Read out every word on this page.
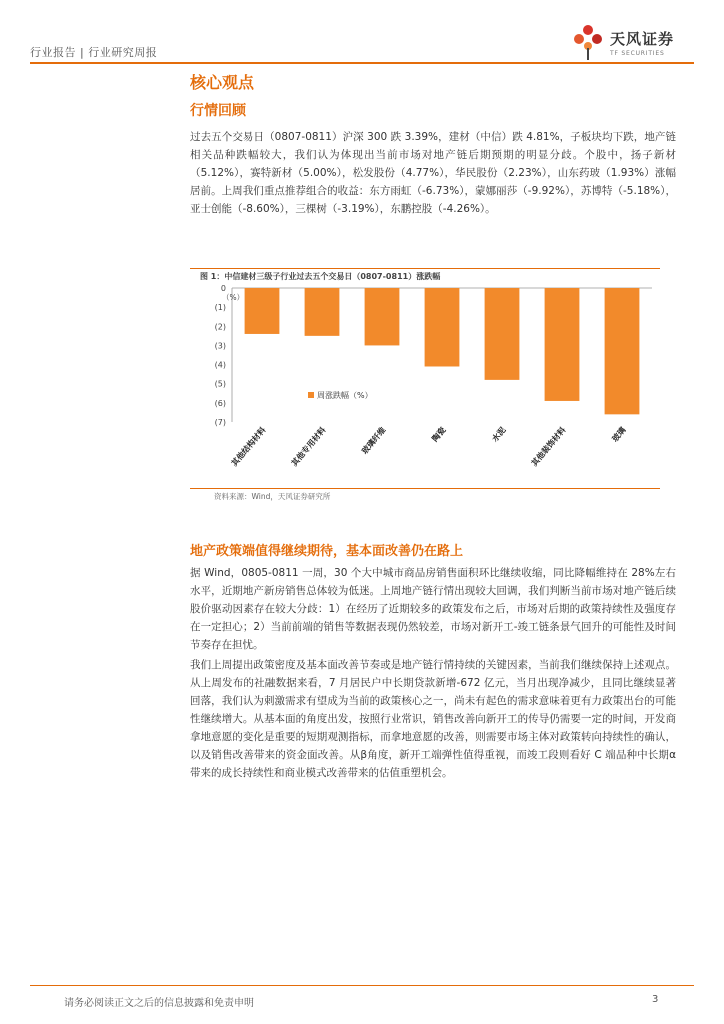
行业报告 | 行业研究周报
天风证券
TF SECURITIES
核心观点
行情回顾

过去五个交易日（0807-0811）沪深 300 跌 3.39%，建材（中信）跌 4.81%，子板块均下跌，地产链相关品种跌幅较大，我们认为体现出当前市场对地产链后期预期的明显分歧。个股中，扬子新材（5.12%），赛特新材（5.00%），松发股份（4.77%），华民股份（2.23%），山东药玻（1.93%）涨幅居前。上周我们重点推荐组合的收益：东方雨虹（-6.73%），蒙娜丽莎（-9.92%），苏博特（-5.18%），亚士创能（-8.60%），三棵树（-3.19%），东鹏控股（-4.26%）。

图 1：中信建材三级子行业过去五个交易日（0807-0811）涨跌幅
0
(1)
(2)
(3)
(4)
(5)
(6)
(7)
（%）
其他结构材料	其他专用材料	玻璃纤维	陶瓷	水泥	其他装饰材料	玻璃
周涨跌幅（%）
资料来源：Wind，天风证券研究所
地产政策端值得继续期待，基本面改善仍在路上

据 Wind，0805-0811 一周，30 个大中城市商品房销售面积环比继续收缩，同比降幅维持在 28%左右水平，近期地产新房销售总体较为低迷。上周地产链行情出现较大回调，我们判断当前市场对地产链后续股价驱动因素存在较大分歧：1）在经历了近期较多的政策发布之后，市场对后期的政策持续性及强度存在一定担心；2）当前前端的销售等数据表现仍然较差，市场对新开工-竣工链条景气回升的可能性及时间节奏存在担忧。

我们上周提出政策密度及基本面改善节奏或是地产链行情持续的关键因素，当前我们继续保持上述观点。从上周发布的社融数据来看，7 月居民户中长期贷款新增-672 亿元，当月出现净减少，且同比继续显著回落，我们认为刺激需求有望成为当前的政策核心之一，尚未有起色的需求意味着更有力政策出台的可能性继续增大。从基本面的角度出发，按照行业常识，销售改善向新开工的传导仍需要一定的时间，开发商拿地意愿的变化是重要的短期观测指标，而拿地意愿的改善，则需要市场主体对政策转向持续性的确认，以及销售改善带来的资金面改善。从β角度，新开工端弹性值得重视，而竣工段则看好 C 端品种中长期α带来的成长持续性和商业模式改善带来的估值重塑机会。

请务必阅读正文之后的信息披露和免责申明	3
